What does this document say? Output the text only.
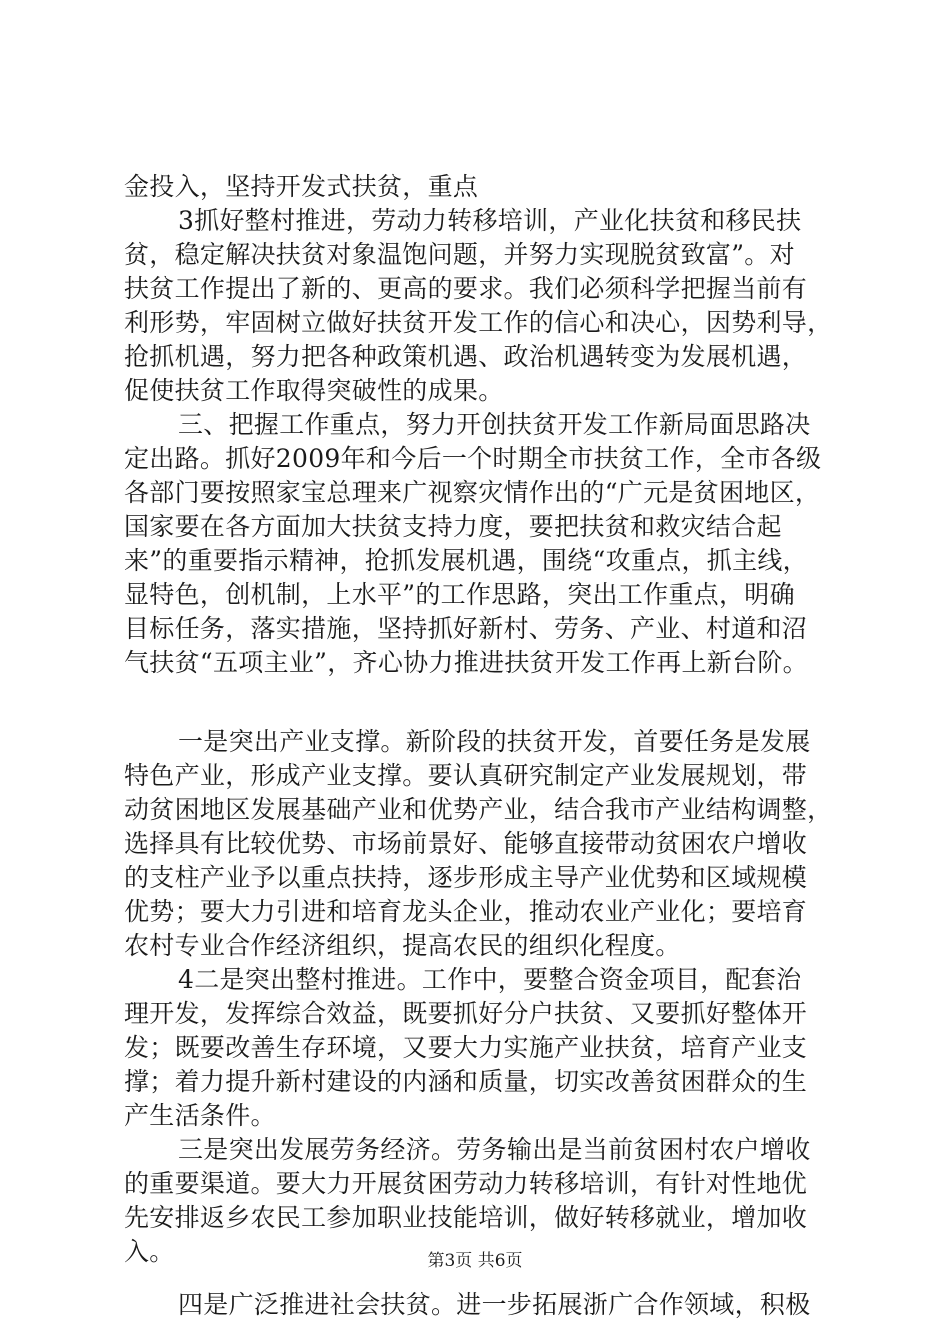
金投入，坚持开发式扶贫，重点
3抓好整村推进，劳动力转移培训，产业化扶贫和移民扶
贫，稳定解决扶贫对象温饱问题，并努力实现脱贫致富”。对
扶贫工作提出了新的、更高的要求。我们必须科学把握当前有
利形势，牢固树立做好扶贫开发工作的信心和决心，因势利导，
抢抓机遇，努力把各种政策机遇、政治机遇转变为发展机遇，
促使扶贫工作取得突破性的成果。
三、把握工作重点，努力开创扶贫开发工作新局面思路决
定出路。抓好2009年和今后一个时期全市扶贫工作，全市各级
各部门要按照家宝总理来广视察灾情作出的“广元是贫困地区，
国家要在各方面加大扶贫支持力度，要把扶贫和救灾结合起
来”的重要指示精神，抢抓发展机遇，围绕“攻重点，抓主线，
显特色，创机制，上水平”的工作思路，突出工作重点，明确
目标任务，落实措施，坚持抓好新村、劳务、产业、村道和沼
气扶贫“五项主业”，齐心协力推进扶贫开发工作再上新台阶。
一是突出产业支撑。新阶段的扶贫开发，首要任务是发展
特色产业，形成产业支撑。要认真研究制定产业发展规划，带
动贫困地区发展基础产业和优势产业，结合我市产业结构调整，
选择具有比较优势、市场前景好、能够直接带动贫困农户增收
的支柱产业予以重点扶持，逐步形成主导产业优势和区域规模
优势；要大力引进和培育龙头企业，推动农业产业化；要培育
农村专业合作经济组织，提高农民的组织化程度。
4二是突出整村推进。工作中，要整合资金项目，配套治
理开发，发挥综合效益，既要抓好分户扶贫、又要抓好整体开
发；既要改善生存环境，又要大力实施产业扶贫，培育产业支
撑；着力提升新村建设的内涵和质量，切实改善贫困群众的生
产生活条件。
三是突出发展劳务经济。劳务输出是当前贫困村农户增收
的重要渠道。要大力开展贫困劳动力转移培训，有针对性地优
先安排返乡农民工参加职业技能培训，做好转移就业，增加收
入。
四是广泛推进社会扶贫。进一步拓展浙广合作领域，积极
第3页 共6页
